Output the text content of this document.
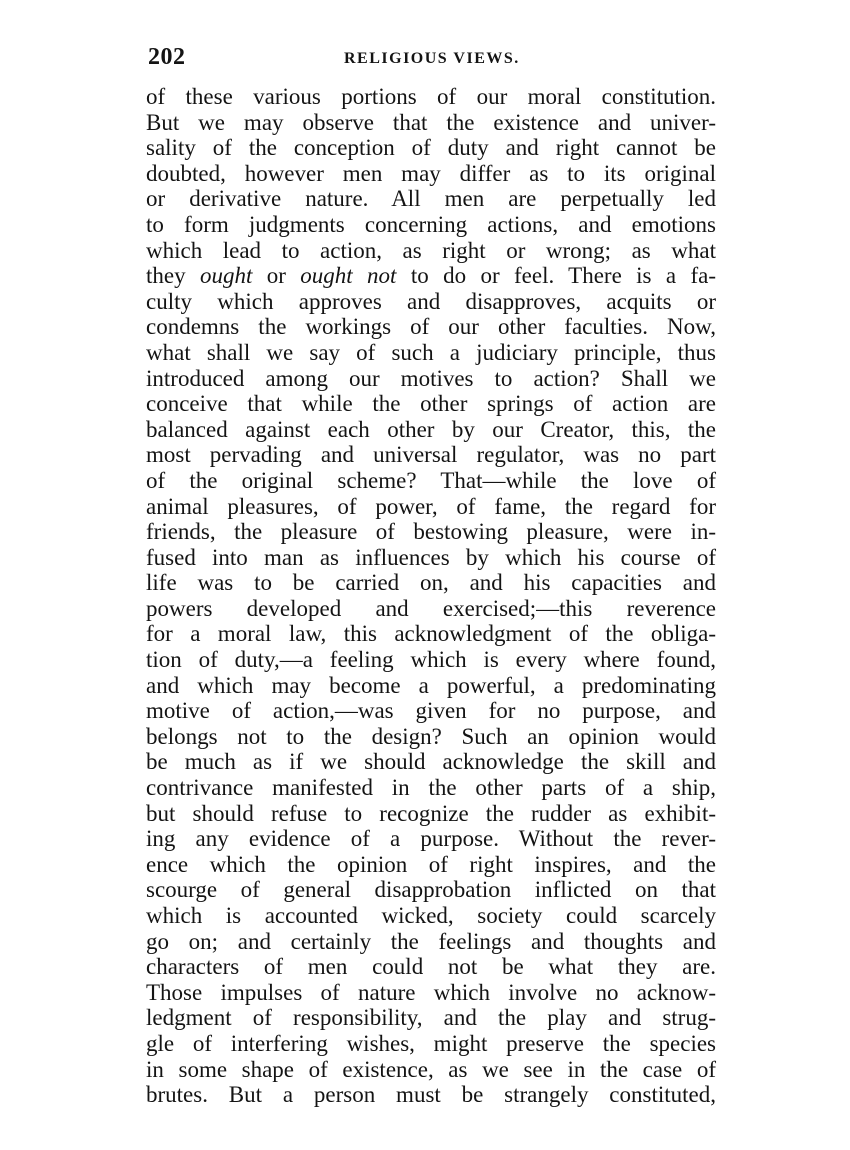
202	RELIGIOUS VIEWS.
of these various portions of our moral constitution.
But we may observe that the existence and univer-
sality of the conception of duty and right cannot be
doubted, however men may differ as to its original
or derivative nature. All men are perpetually led
to form judgments concerning actions, and emotions
which lead to action, as right or wrong; as what
they ought or ought not to do or feel. There is a fa-
culty which approves and disapproves, acquits or
condemns the workings of our other faculties. Now,
what shall we say of such a judiciary principle, thus
introduced among our motives to action? Shall we
conceive that while the other springs of action are
balanced against each other by our Creator, this, the
most pervading and universal regulator, was no part
of the original scheme? That—while the love of
animal pleasures, of power, of fame, the regard for
friends, the pleasure of bestowing pleasure, were in-
fused into man as influences by which his course of
life was to be carried on, and his capacities and
powers developed and exercised;—this reverence
for a moral law, this acknowledgment of the obliga-
tion of duty,—a feeling which is every where found,
and which may become a powerful, a predominating
motive of action,—was given for no purpose, and
belongs not to the design? Such an opinion would
be much as if we should acknowledge the skill and
contrivance manifested in the other parts of a ship,
but should refuse to recognize the rudder as exhibit-
ing any evidence of a purpose. Without the rever-
ence which the opinion of right inspires, and the
scourge of general disapprobation inflicted on that
which is accounted wicked, society could scarcely
go on; and certainly the feelings and thoughts and
characters of men could not be what they are.
Those impulses of nature which involve no acknow-
ledgment of responsibility, and the play and strug-
gle of interfering wishes, might preserve the species
in some shape of existence, as we see in the case of
brutes. But a person must be strangely constituted,
